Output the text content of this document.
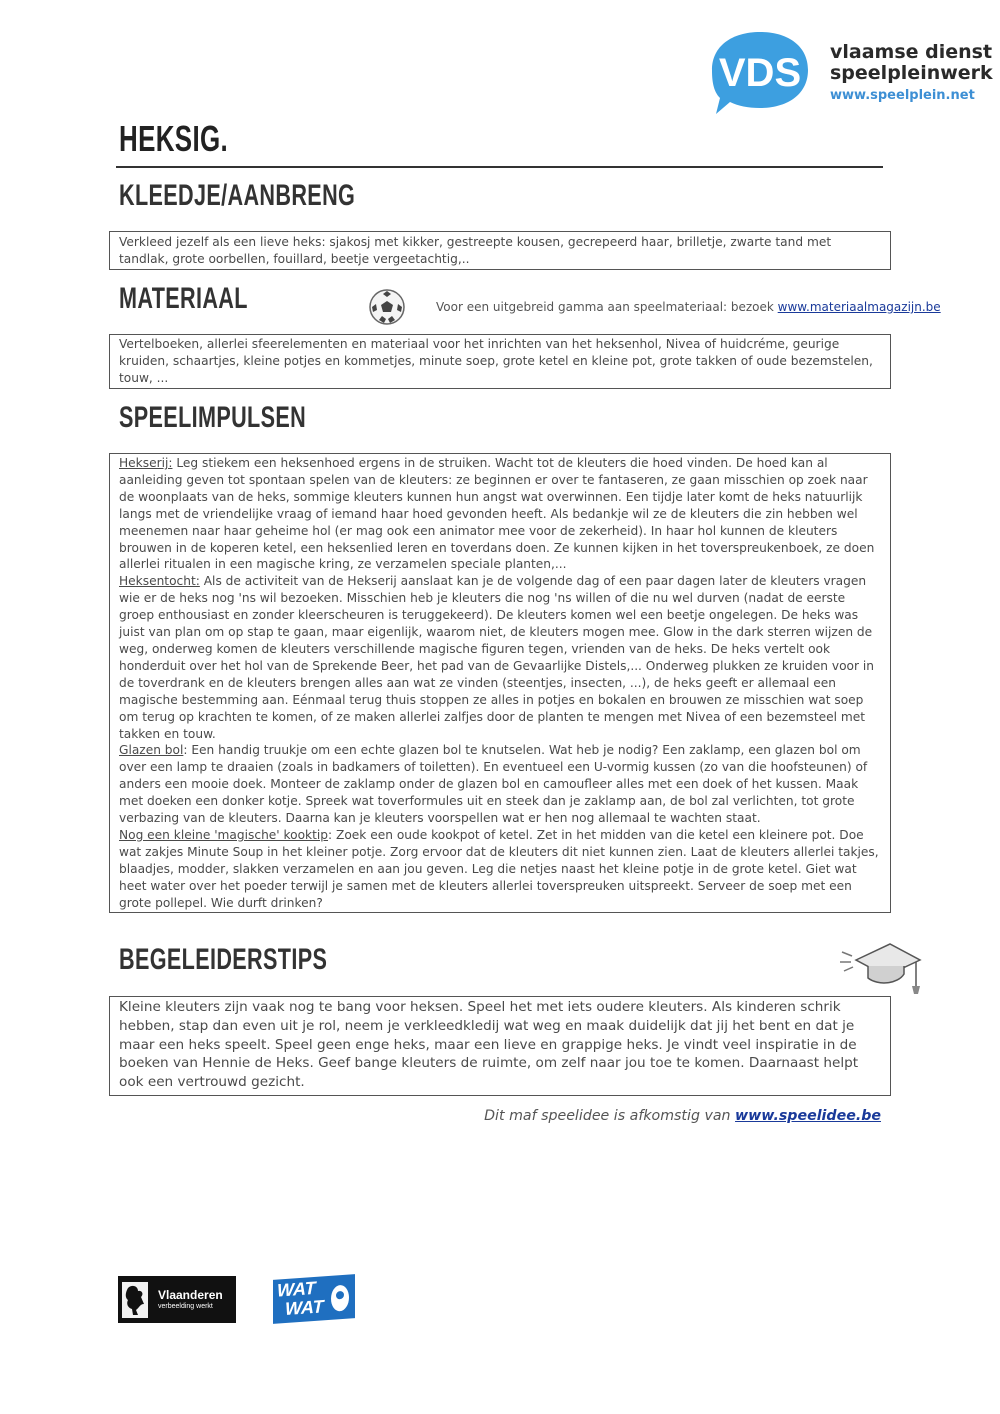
VDS vlaamse dienst
speelpleinwerk
www.speelplein.net
HEKSIG.
KLEEDJE/AANBRENG

Verkleed jezelf als een lieve heks: sjakosj met kikker, gestreepte kousen, gecrepeerd haar, brilletje, zwarte tand met tandlak, grote oorbellen, fouillard, beetje vergeetachtig,..

MATERIAAL	Voor een uitgebreid gamma aan speelmateriaal: bezoek www.materiaalmagazijn.be

Vertelboeken, allerlei sfeerelementen en materiaal voor het inrichten van het heksenhol, Nivea of huidcréme, geurige kruiden, schaartjes, kleine potjes en kommetjes, minute soep, grote ketel en kleine pot, grote takken of oude bezemstelen, touw, ...

SPEELIMPULSEN

Hekserij: Leg stiekem een heksenhoed ergens in de struiken. Wacht tot de kleuters die hoed vinden. De hoed kan al aanleiding geven tot spontaan spelen van de kleuters: ze beginnen er over te fantaseren, ze gaan misschien op zoek naar de woonplaats van de heks, sommige kleuters kunnen hun angst wat overwinnen. Een tijdje later komt de heks natuurlijk langs met de vriendelijke vraag of iemand haar hoed gevonden heeft. Als bedankje wil ze de kleuters die zin hebben wel meenemen naar haar geheime hol (er mag ook een animator mee voor de zekerheid). In haar hol kunnen de kleuters brouwen in de koperen ketel, een heksenlied leren en toverdans doen. Ze kunnen kijken in het toverspreukenboek, ze doen allerlei ritualen in een magische kring, ze verzamelen speciale planten,...
Heksentocht: Als de activiteit van de Hekserij aanslaat kan je de volgende dag of een paar dagen later de kleuters vragen wie er de heks nog 'ns wil bezoeken. Misschien heb je kleuters die nog 'ns willen of die nu wel durven (nadat de eerste groep enthousiast en zonder kleerscheuren is teruggekeerd). De kleuters komen wel een beetje ongelegen. De heks was juist van plan om op stap te gaan, maar eigenlijk, waarom niet, de kleuters mogen mee. Glow in the dark sterren wijzen de weg, onderweg komen de kleuters verschillende magische figuren tegen, vrienden van de heks. De heks vertelt ook honderduit over het hol van de Sprekende Beer, het pad van de Gevaarlijke Distels,... Onderweg plukken ze kruiden voor in de toverdrank en de kleuters brengen alles aan wat ze vinden (steentjes, insecten, ...), de heks geeft er allemaal een magische bestemming aan. Eénmaal terug thuis stoppen ze alles in potjes en bokalen en brouwen ze misschien wat soep om terug op krachten te komen, of ze maken allerlei zalfjes door de planten te mengen met Nivea of een bezemsteel met takken en touw.
Glazen bol: Een handig truukje om een echte glazen bol te knutselen. Wat heb je nodig? Een zaklamp, een glazen bol om over een lamp te draaien (zoals in badkamers of toiletten). En eventueel een U-vormig kussen (zo van die hoofsteunen) of anders een mooie doek. Monteer de zaklamp onder de glazen bol en camoufleer alles met een doek of het kussen. Maak met doeken een donker kotje. Spreek wat toverformules uit en steek dan je zaklamp aan, de bol zal verlichten, tot grote verbazing van de kleuters. Daarna kan je kleuters voorspellen wat er hen nog allemaal te wachten staat.
Nog een kleine 'magische' kooktip: Zoek een oude kookpot of ketel. Zet in het midden van die ketel een kleinere pot. Doe wat zakjes Minute Soup in het kleiner potje. Zorg ervoor dat de kleuters dit niet kunnen zien. Laat de kleuters allerlei takjes, blaadjes, modder, slakken verzamelen en aan jou geven. Leg die netjes naast het kleine potje in de grote ketel. Giet wat heet water over het poeder terwijl je samen met de kleuters allerlei toverspreuken uitspreekt. Serveer de soep met een grote pollepel. Wie durft drinken?

BEGELEIDERSTIPS

Kleine kleuters zijn vaak nog te bang voor heksen. Speel het met iets oudere kleuters. Als kinderen schrik hebben, stap dan even uit je rol, neem je verkleedkledij wat weg en maak duidelijk dat jij het bent en dat je maar een heks speelt. Speel geen enge heks, maar een lieve en grappige heks. Je vindt veel inspiratie in de boeken van Hennie de Heks. Geef bange kleuters de ruimte, om zelf naar jou toe te komen. Daarnaast helpt ook een vertrouwd gezicht.

Dit maf speelidee is afkomstig van www.speelidee.be
Vlaanderen
verbeelding werkt
WAT
WAT
